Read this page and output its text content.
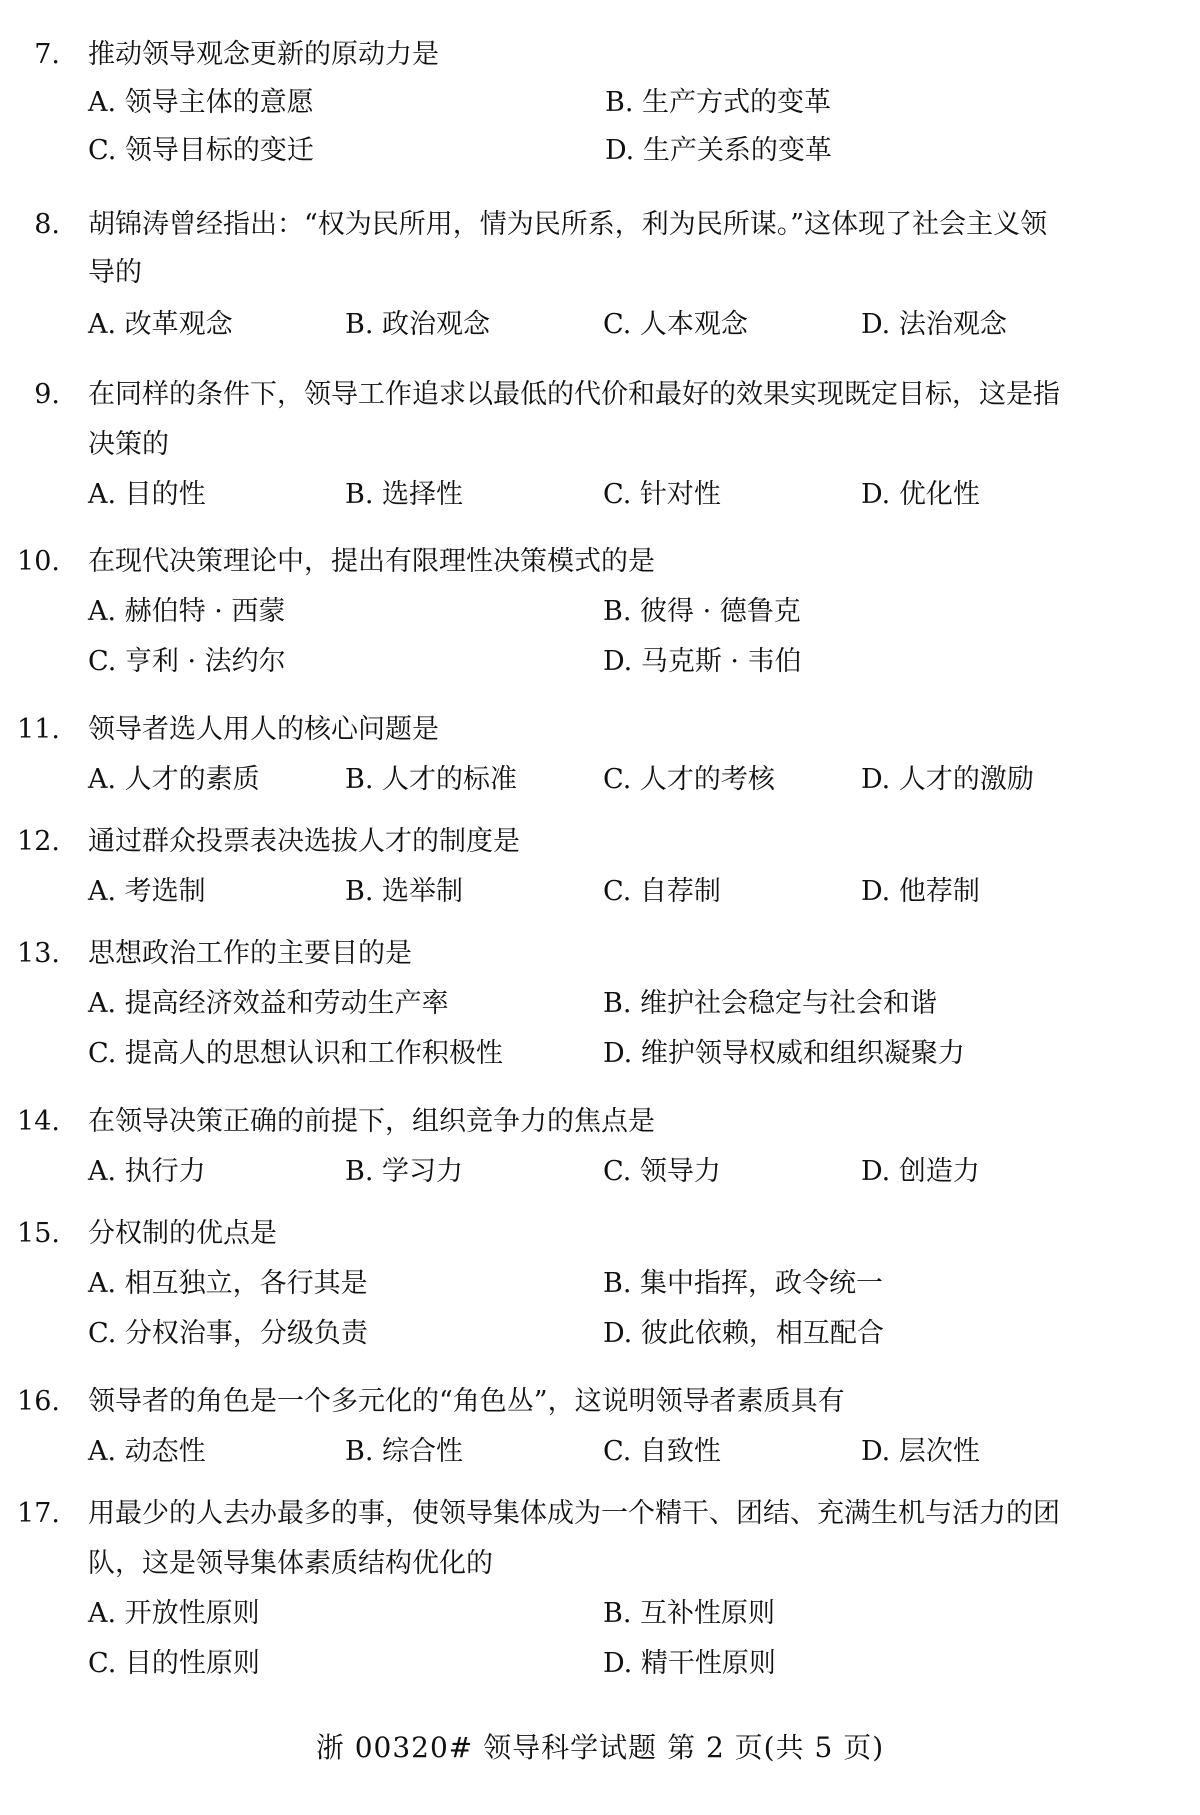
7. 推动领导观念更新的原动力是
A. 领导主体的意愿	B. 生产方式的变革
C. 领导目标的变迁	D. 生产关系的变革
8. 胡锦涛曾经指出：“权为民所用，情为民所系，利为民所谋。”这体现了社会主义领
导的
A. 改革观念	B. 政治观念	C. 人本观念	D. 法治观念
9. 在同样的条件下，领导工作追求以最低的代价和最好的效果实现既定目标，这是指
决策的
A. 目的性	B. 选择性	C. 针对性	D. 优化性
10. 在现代决策理论中，提出有限理性决策模式的是
A. 赫伯特 · 西蒙	B. 彼得 · 德鲁克
C. 亨利 · 法约尔	D. 马克斯 · 韦伯
11. 领导者选人用人的核心问题是
A. 人才的素质	B. 人才的标准	C. 人才的考核	D. 人才的激励
12. 通过群众投票表决选拔人才的制度是
A. 考选制	B. 选举制	C. 自荐制	D. 他荐制
13. 思想政治工作的主要目的是
A. 提高经济效益和劳动生产率	B. 维护社会稳定与社会和谐
C. 提高人的思想认识和工作积极性	D. 维护领导权威和组织凝聚力
14. 在领导决策正确的前提下，组织竞争力的焦点是
A. 执行力	B. 学习力	C. 领导力	D. 创造力
15. 分权制的优点是
A. 相互独立，各行其是	B. 集中指挥，政令统一
C. 分权治事，分级负责	D. 彼此依赖，相互配合
16. 领导者的角色是一个多元化的“角色丛”，这说明领导者素质具有
A. 动态性	B. 综合性	C. 自致性	D. 层次性
17. 用最少的人去办最多的事，使领导集体成为一个精干、团结、充满生机与活力的团
队，这是领导集体素质结构优化的
A. 开放性原则	B. 互补性原则
C. 目的性原则	D. 精干性原则
浙 00320# 领导科学试题 第 2 页(共 5 页)
